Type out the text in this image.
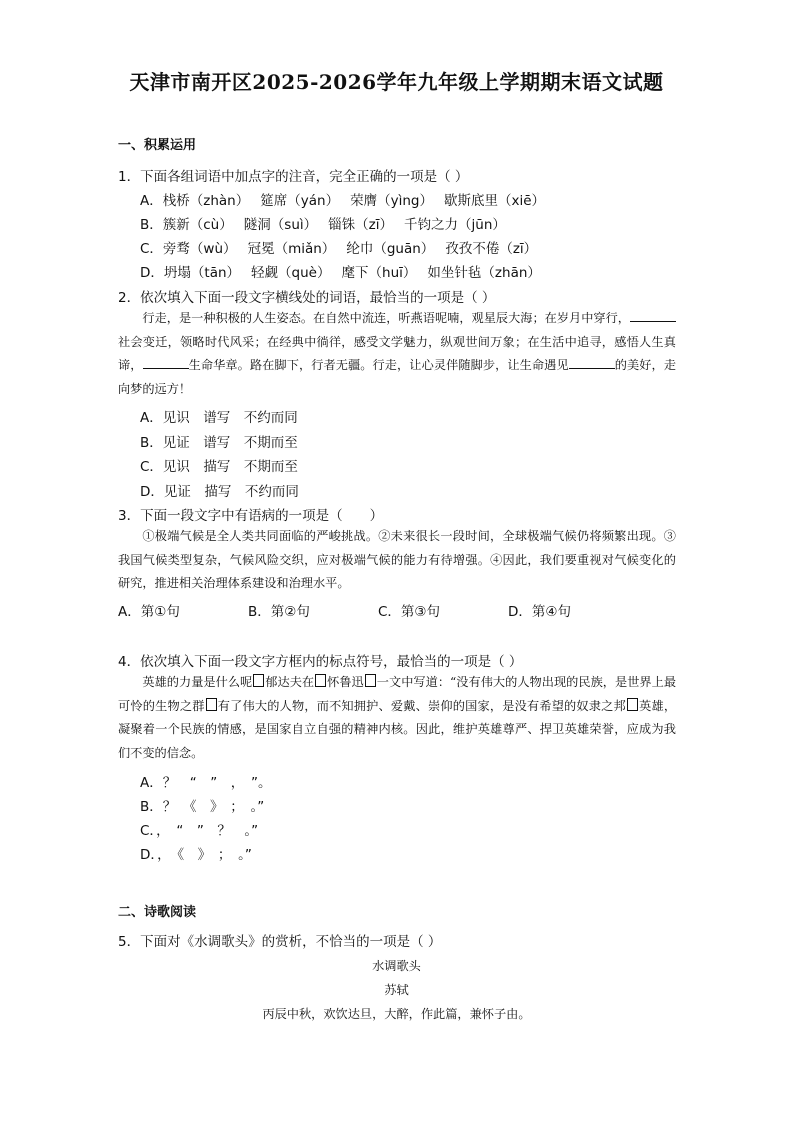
天津市南开区2025-2026学年九年级上学期期末语文试题
一、积累运用
1．下面各组词语中加点字的注音，完全正确的一项是（ ）
A．栈桥（zhàn）　 筵席（yán）　 荣膺（yìng）　 歇斯底里（xiē）
B．簇新（cù）　 隧洞（suì）　 锱铢（zī）　 千钧之力（jūn）
C．旁骛（wù）　 冠冕（miǎn）　 纶巾（guān）　 孜孜不倦（zī）
D．坍塌（tān）　 轻觑（què）　 麾下（huī）　 如坐针毡（zhān）
2．依次填入下面一段文字横线处的词语，最恰当的一项是（ ）
行走，是一种积极的人生姿态。在自然中流连，听燕语呢喃，观星辰大海；在岁月中穿行，社会变迁，领略时代风采；在经典中徜徉，感受文学魅力，纵观世间万象；在生活中追寻，感悟人生真谛，	生命华章。路在脚下，行者无疆。行走，让心灵伴随脚步，让生命遇见	的美好，走向梦的远方！
A．见识　谱写　不约而同
B．见证　谱写　不期而至
C．见识　描写　不期而至
D．见证　描写　不约而同
3．下面一段文字中有语病的一项是（　　）
①极端气候是全人类共同面临的严峻挑战。②未来很长一段时间，全球极端气候仍将频繁出现。③我国气候类型复杂，气候风险交织，应对极端气候的能力有待增强。④因此，我们要重视对气候变化的研究，推进相关治理体系建设和治理水平。
A．第①句	B．第②句	C．第③句	D．第④句
4．依次填入下面一段文字方框内的标点符号，最恰当的一项是（ ）
英雄的力量是什么呢 郁达夫在 怀鲁迅 一文中写道：“没有伟大的人物出现的民族，是世界上最可怜的生物之群 有了伟大的人物，而不知拥护、爱戴、崇仰的国家，是没有希望的奴隶之邦 英雄，凝聚着一个民族的情感，是国家自立自强的精神内核。因此，维护英雄尊严、捍卫英雄荣誉，应成为我们不变的信念。
A．？　“　”　，　”。
B．？　《　》　；　。”
C．，　“　”　？　。”
D．，　《　》　；　。”
二、诗歌阅读
5．下面对《水调歌头》的赏析，不恰当的一项是（ ）
水调歌头
苏轼
丙辰中秋，欢饮达旦，大醉，作此篇，兼怀子由。
